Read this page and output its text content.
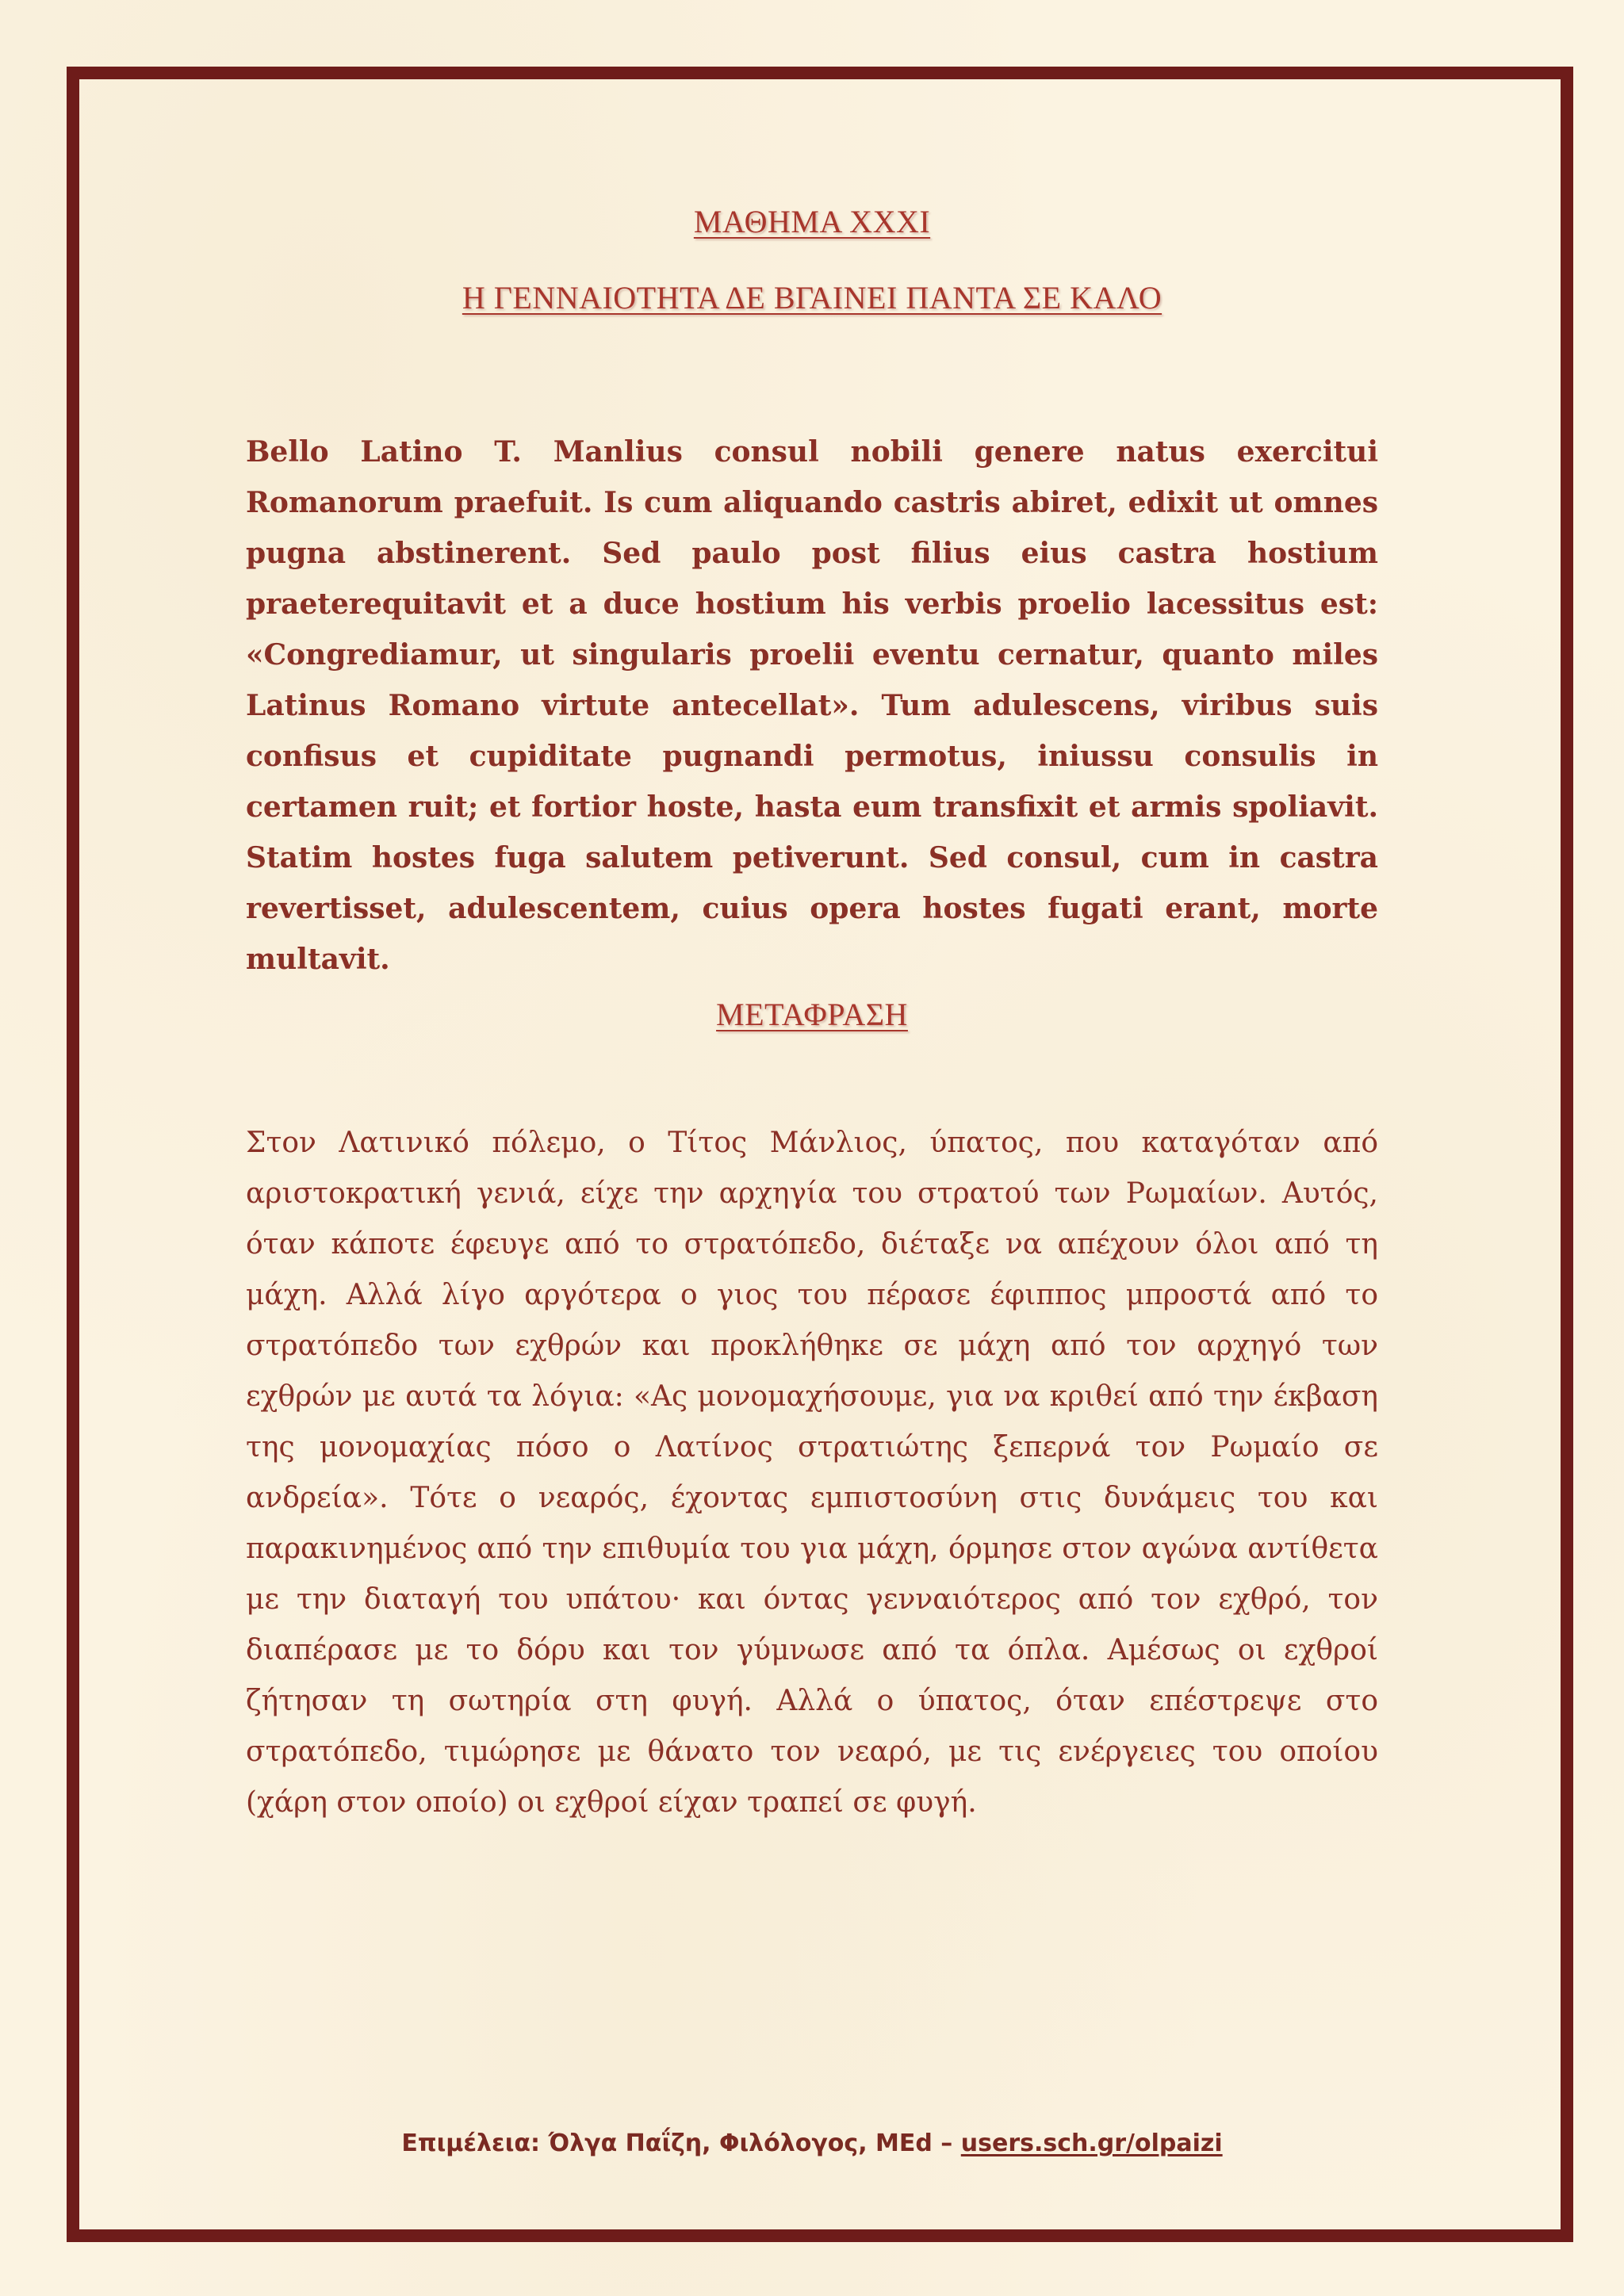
ΜΑΘΗΜΑ XXXI
Η ΓΕΝΝΑΙΟΤΗΤΑ ΔΕ ΒΓΑΙΝΕΙ ΠΑΝΤΑ ΣΕ ΚΑΛΟ
Bello Latino T. Manlius consul nobili genere natus exercitui Romanorum praefuit. Is cum aliquando castris abiret, edixit ut omnes pugna abstinerent. Sed paulo post filius eius castra hostium praeterequitavit et a duce hostium his verbis proelio lacessitus est: «Congrediamur, ut singularis proelii eventu cernatur, quanto miles Latinus Romano virtute antecellat». Tum adulescens, viribus suis confisus et cupiditate pugnandi permotus, iniussu consulis in certamen ruit; et fortior hoste, hasta eum transfixit et armis spoliavit. Statim hostes fuga salutem petiverunt. Sed consul, cum in castra revertisset, adulescentem, cuius opera hostes fugati erant, morte multavit.
ΜΕΤΑΦΡΑΣΗ
Στον Λατινικό πόλεμο, ο Τίτος Μάνλιος, ύπατος, που καταγόταν από αριστοκρατική γενιά, είχε την αρχηγία του στρατού των Ρωμαίων. Αυτός, όταν κάποτε έφευγε από το στρατόπεδο, διέταξε να απέχουν όλοι από τη μάχη. Αλλά λίγο αργότερα ο γιος του πέρασε έφιππος μπροστά από το στρατόπεδο των εχθρών και προκλήθηκε σε μάχη από τον αρχηγό των εχθρών με αυτά τα λόγια: «Ας μονομαχήσουμε, για να κριθεί από την έκβαση της μονομαχίας πόσο ο Λατίνος στρατιώτης ξεπερνά τον Ρωμαίο σε ανδρεία». Τότε ο νεαρός, έχοντας εμπιστοσύνη στις δυνάμεις του και παρακινημένος από την επιθυμία του για μάχη, όρμησε στον αγώνα αντίθετα με την διαταγή του υπάτου· και όντας γενναιότερος από τον εχθρό, τον διαπέρασε με το δόρυ και τον γύμνωσε από τα όπλα. Αμέσως οι εχθροί ζήτησαν τη σωτηρία στη φυγή. Αλλά ο ύπατος, όταν επέστρεψε στο στρατόπεδο, τιμώρησε με θάνατο τον νεαρό, με τις ενέργειες του οποίου (χάρη στον οποίο) οι εχθροί είχαν τραπεί σε φυγή.
Επιμέλεια: Όλγα Παΐζη, Φιλόλογος, MEd – users.sch.gr/olpaizi
